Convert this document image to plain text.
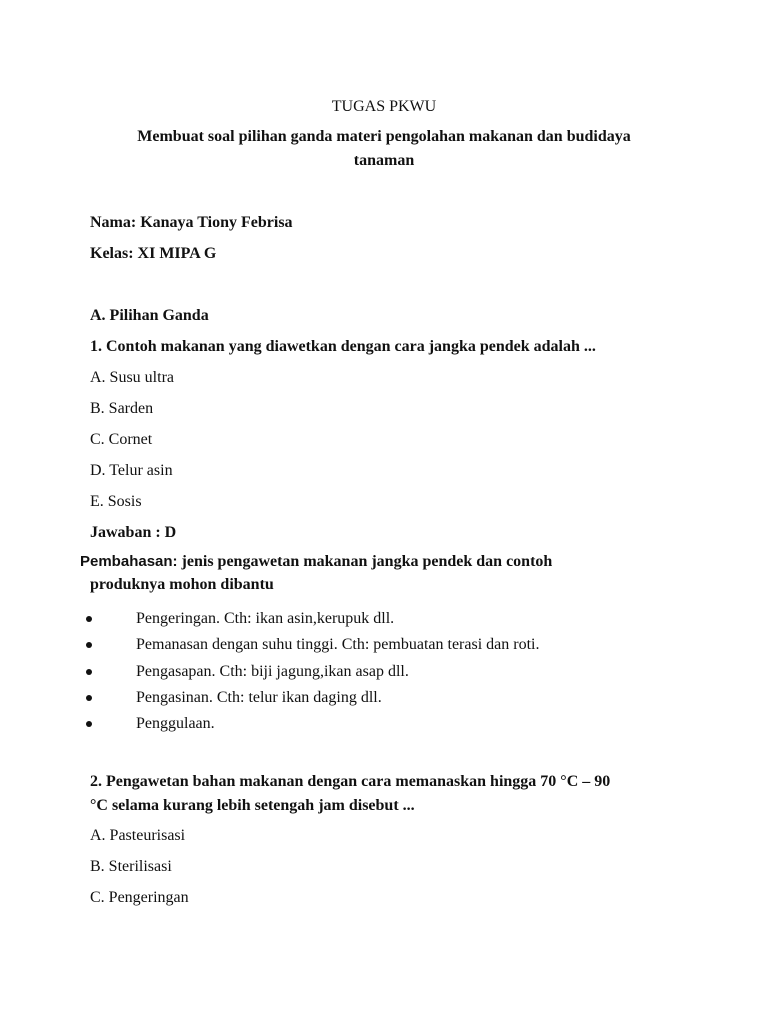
TUGAS PKWU
Membuat soal pilihan ganda materi pengolahan makanan dan budidaya
tanaman
Nama: Kanaya Tiony Febrisa
Kelas: XI MIPA G
A. Pilihan Ganda
1. Contoh makanan yang diawetkan dengan cara jangka pendek adalah ...
A. Susu ultra
B. Sarden
C. Cornet
D. Telur asin
E. Sosis
Jawaban : D
Pembahasan: jenis pengawetan makanan jangka pendek dan contoh
produknya mohon dibantu
Pengeringan. Cth: ikan asin,kerupuk dll.
Pemanasan dengan suhu tinggi. Cth: pembuatan terasi dan roti.
Pengasapan. Cth: biji jagung,ikan asap dll.
Pengasinan. Cth: telur ikan daging dll.
Penggulaan.
2. Pengawetan bahan makanan dengan cara memanaskan hingga 70 °C – 90
°C selama kurang lebih setengah jam disebut ...
A. Pasteurisasi
B. Sterilisasi
C. Pengeringan
